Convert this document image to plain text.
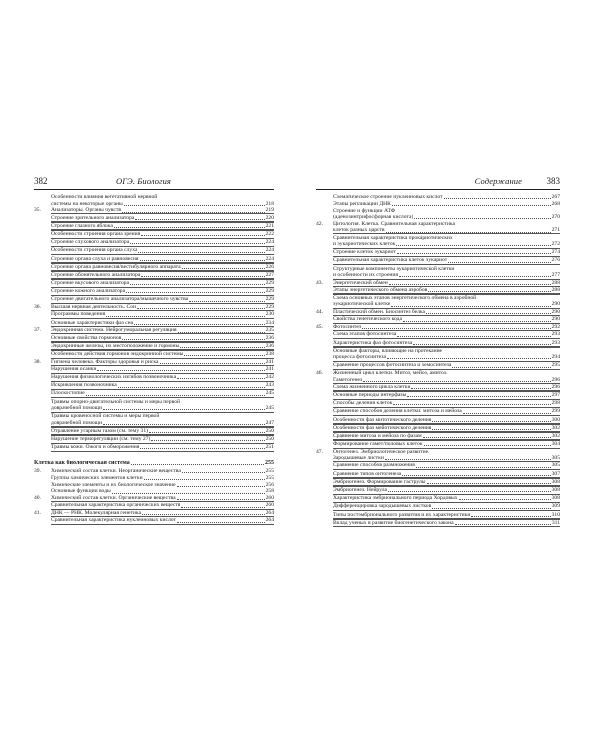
382	ОГЭ. Биология
Особенности влияния вегетативной нервной
системы на некоторые органы	218
35.	Анализаторы. Органы чувств	219
Строение зрительного анализатора	220
Строение глазного яблока	221
Особенности строения органа зрения	222
Строение слухового анализатора	224
Особенности строения органа слуха	224
Строение органа слуха и равновесия	224
Строение органа равновесия/вестибулярного аппарата	226
Строение обонятельного анализатора	227
Строение вкусового анализатора	229
Строение кожного анализатора	229
Строение двигательного анализатора/мышечного чувства	229
36.	Высшая нервная деятельность. Сон	229
Программы поведения	230
Основные характеристики фаз сна	234
37.	Эндокринная система. Нейрогуморальная регуляция	235
Основные свойства гормонов	236
Эндокринные железы, их местоположение и гормоны	236
Особенности действия гормонов эндокринной системы	238
38.	Гигиена человека. Факторы здоровья и риска	241
Нарушения осанки	241
Нарушения физиологических изгибов позвоночника	242
Искривления позвоночника	243
Плоскостопие	245
Травмы опорно-двигательной системы и меры первой
доврачебной помощи	245
Травмы кровеносной системы и меры первой
доврачебной помощи	247
Отравление угарным газом (см. тему 31)	250
Нарушение терморегуляции (см. тему 27)	250
Травмы кожи. Ожоги и обморожения	251
Клетка как биологическая система	255
39.	Химический состав клетки. Неорганические вещества	255
Группы химических элементов клетки	255
Химические элементы и их биологическое значение	256
Основные функции воды	258
40.	Химический состав клетки. Органические вещества	260
Сравнительная характеристика органических веществ	260
41.	ДНК — РНК. Молекулярная генетика	264
Сравнительная характеристика нуклеиновых кислот	264
Содержание	383
Схематическое строение нуклеиновых кислот	267
Этапы репликации ДНК	268
Строение и функции АТФ
(аденозинтрифосфорная кислота)	270
42.	Цитология. Клетка. Сравнительная характеристика
клеток разных царств	271
Сравнительная характеристика прокариотических
и эукариотических клеток	272
Строение клеток эукариот	274
Сравнительная характеристика клеток эукариот	276
Структурные компоненты эукариотической клетки
и особенности их строения	277
43.	Энергетический обмен	288
Этапы энергетического обмена аэробов	288
Схема основных этапов энергетического обмена в аэробной
эукариотической клетке	290
44.	Пластический обмен. Биосинтез белка	290
Свойства генетического кода	290
45.	Фотосинтез	292
Схема этапов фотосинтеза	293
Характеристика фаз фотосинтеза	293
Основные факторы, влияющие на протекание
процесса фотосинтеза	294
Сравнение процессов фотосинтеза и хемосинтеза	295
46.	Жизненный цикл клетки. Митоз, мейоз, амитоз.
Гаметогенез	296
Схема жизненного цикла клетки	296
Основные периоды интерфазы	297
Способы деления клеток	298
Сравнение способов деления клетки: митоза и мейоза	299
Особенности фаз митотического деления	300
Особенности фаз мейотического деления	302
Сравнение митоза и мейоза по фазам	302
Формирование гамет/половых клеток	304
47.	Онтогенез. Эмбриологическое развитие.
Зародышевые листки	305
Сравнение способов размножения	305
Сравнение типов онтогенеза	307
Эмбриогенез. Формирование гаструлы	308
Эмбриогенез. Нейрула	308
Характеристика эмбрионального периода Хордовых	308
Дифференцировка зародышевых листков	309
Типы постэмбрионального развития и их характеристики	310
Вклад ученых в развитие биогенетического закона	311
